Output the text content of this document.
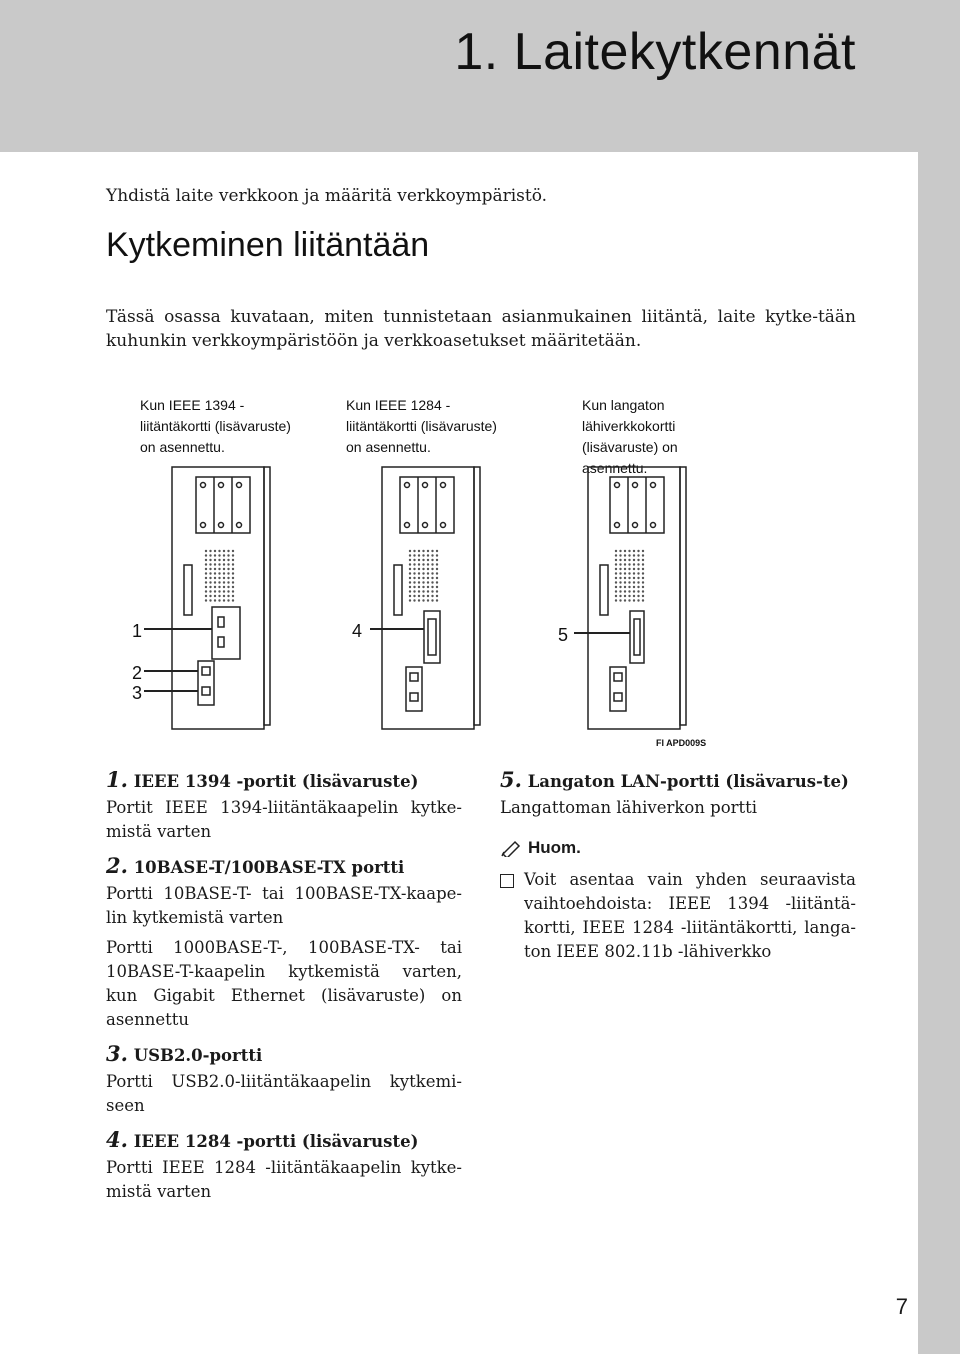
1. Laitekytkennät
Yhdistä laite verkkoon ja määritä verkkoympäristö.
Kytkeminen liitäntään
Tässä osassa kuvataan, miten tunnistetaan asianmukainen liitäntä, laite kytke-tään kuhunkin verkkoympäristöön ja verkkoasetukset määritetään.
Kun IEEE 1394 -
liitäntäkortti (lisävaruste)
on asennettu.
Kun IEEE 1284 -
liitäntäkortti (lisävaruste)
on asennettu.
Kun langaton
lähiverkkokortti
(lisävaruste) on
asennettu.
1
2
3
4	5
FI APD009S
1. IEEE 1394 -portit (lisävaruste)
Portit IEEE 1394-liitäntäkaapelin kytke-mistä varten
2. 10BASE-T/100BASE-TX portti
Portti 10BASE-T- tai 100BASE-TX-kaape-lin kytkemistä varten
Portti 1000BASE-T-, 100BASE-TX- tai 10BASE-T-kaapelin kytkemistä varten, kun Gigabit Ethernet (lisävaruste) on asennettu
3. USB2.0-portti
Portti USB2.0-liitäntäkaapelin kytkemi-seen
4. IEEE 1284 -portti (lisävaruste)
Portti IEEE 1284 -liitäntäkaapelin kytke-mistä varten
5. Langaton LAN-portti (lisävarus-te)
Langattoman lähiverkon portti
Huom.
Voit asentaa vain yhden seuraavista vaihtoehdoista: IEEE 1394 -liitäntä-kortti, IEEE 1284 -liitäntäkortti, langa-ton IEEE 802.11b -lähiverkko
7
